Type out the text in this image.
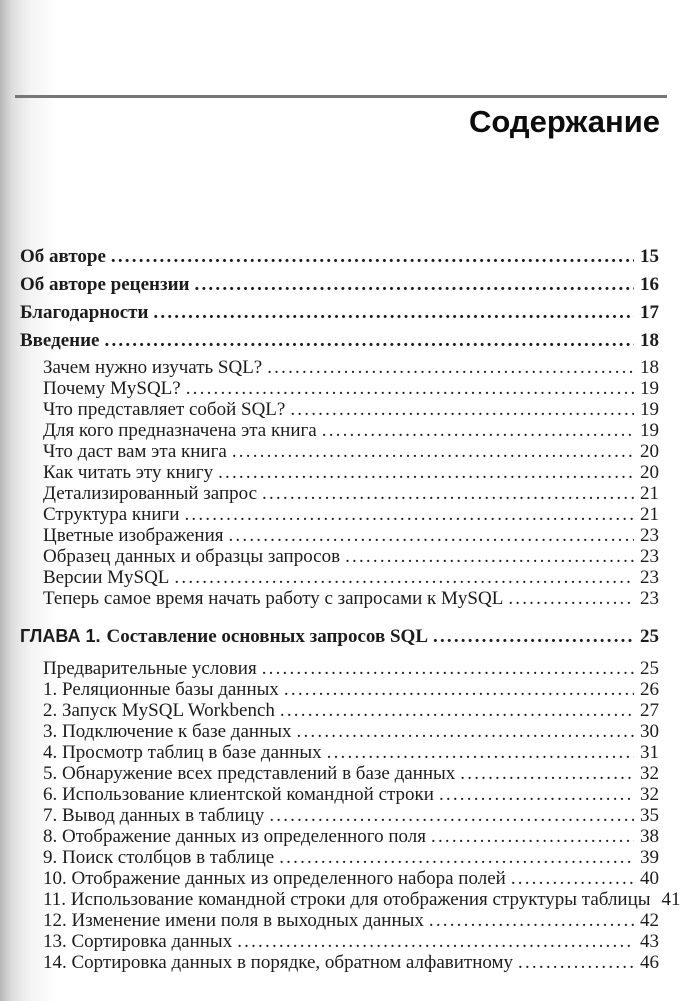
Содержание
Об авторе .....	15
Об авторе рецензии .....	16
Благодарности .....	17
Введение .....	18
Зачем нужно изучать SQL? .....	18
Почему MySQL? .....	19
Что представляет собой SQL? .....	19
Для кого предназначена эта книга .....	19
Что даст вам эта книга .....	20
Как читать эту книгу .....	20
Детализированный запрос .....	21
Структура книги .....	21
Цветные изображения .....	23
Образец данных и образцы запросов .....	23
Версии MySQL .....	23
Теперь самое время начать работу с запросами к MySQL .....	23
ГЛАВА 1. Составление основных запросов SQL .....	25
Предварительные условия .....	25
1. Реляционные базы данных .....	26
2. Запуск MySQL Workbench .....	27
3. Подключение к базе данных .....	30
4. Просмотр таблиц в базе данных .....	31
5. Обнаружение всех представлений в базе данных .....	32
6. Использование клиентской командной строки .....	32
7. Вывод данных в таблицу .....	35
8. Отображение данных из определенного поля .....	38
9. Поиск столбцов в таблице .....	39
10. Отображение данных из определенного набора полей .....	40
11. Использование командной строки для отображения структуры таблицы 41
12. Изменение имени поля в выходных данных .....	42
13. Сортировка данных .....	43
14. Сортировка данных в порядке, обратном алфавитному .....	46
